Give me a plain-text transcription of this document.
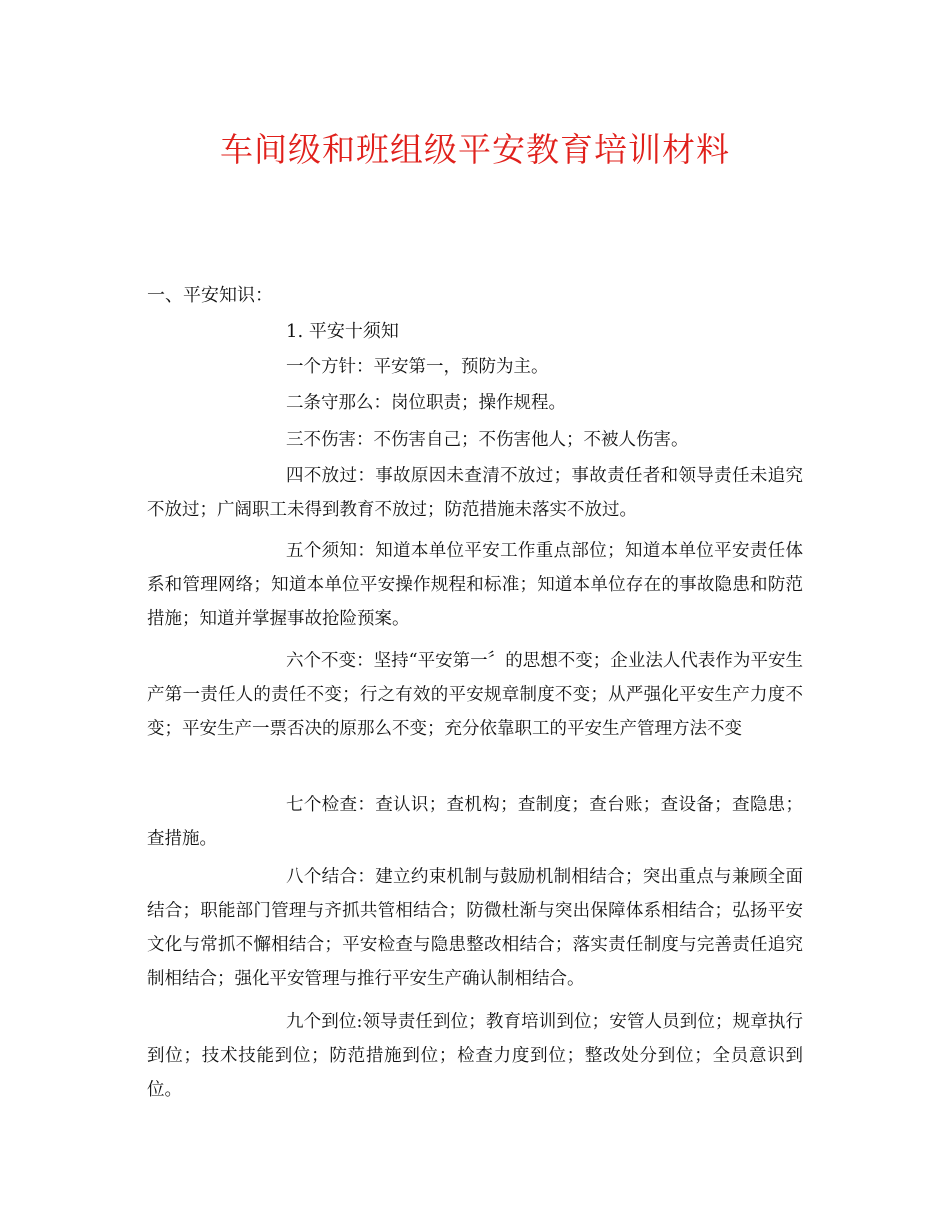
车间级和班组级平安教育培训材料

一、平安知识：

1. 平安十须知

一个方针：平安第一，预防为主。

二条守那么：岗位职责；操作规程。

三不伤害：不伤害自己；不伤害他人；不被人伤害。

四不放过：事故原因未查清不放过；事故责任者和领导责任未追究不放过；广阔职工未得到教育不放过；防范措施未落实不放过。

五个须知：知道本单位平安工作重点部位；知道本单位平安责任体系和管理网络；知道本单位平安操作规程和标准；知道本单位存在的事故隐患和防范措施；知道并掌握事故抢险预案。

六个不变：坚持“平安第一〞的思想不变；企业法人代表作为平安生产第一责任人的责任不变；行之有效的平安规章制度不变；从严强化平安生产力度不变；平安生产一票否决的原那么不变；充分依靠职工的平安生产管理方法不变

七个检查：查认识；查机构；查制度；查台账；查设备；查隐患；查措施。

八个结合：建立约束机制与鼓励机制相结合；突出重点与兼顾全面结合；职能部门管理与齐抓共管相结合；防微杜渐与突出保障体系相结合；弘扬平安文化与常抓不懈相结合；平安检查与隐患整改相结合；落实责任制度与完善责任追究制相结合；强化平安管理与推行平安生产确认制相结合。

九个到位:领导责任到位；教育培训到位；安管人员到位；规章执行到位；技术技能到位；防范措施到位；检查力度到位；整改处分到位；全员意识到位。
